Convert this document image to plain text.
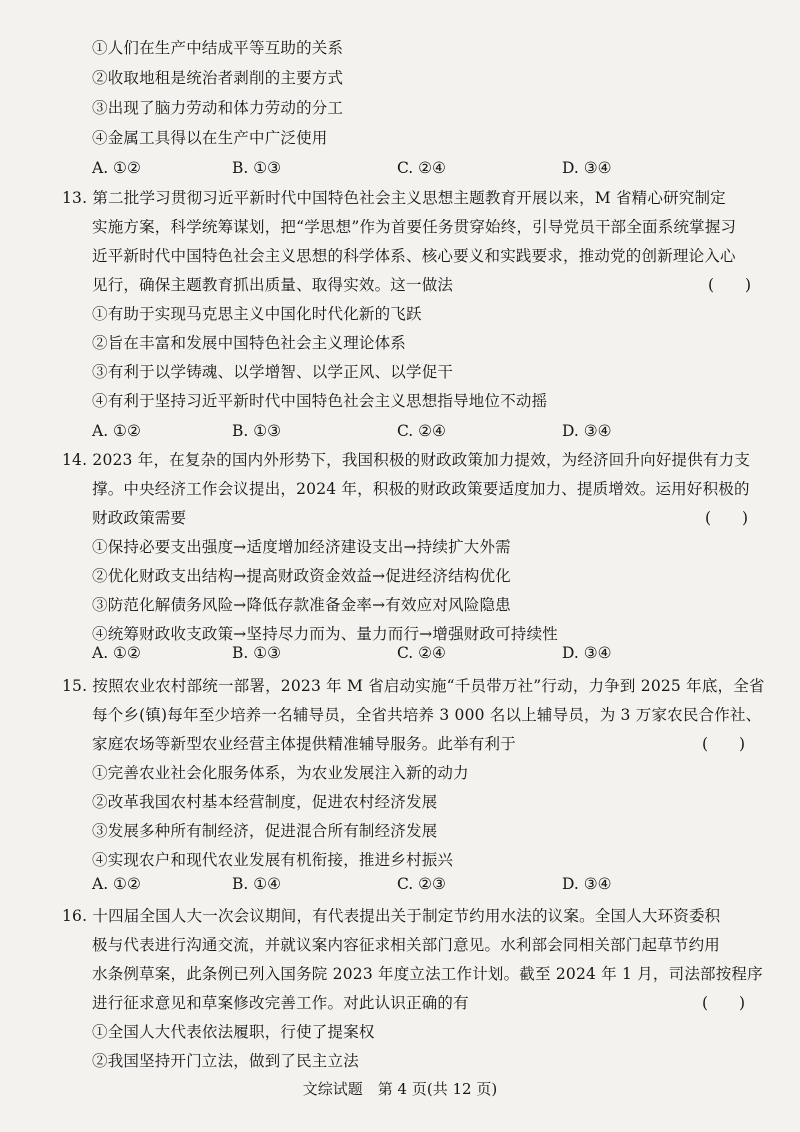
①人们在生产中结成平等互助的关系
②收取地租是统治者剥削的主要方式
③出现了脑力劳动和体力劳动的分工
④金属工具得以在生产中广泛使用
A. ①②	B. ①③	C. ②④	D. ③④
13. 第二批学习贯彻习近平新时代中国特色社会主义思想主题教育开展以来，M 省精心研究制定
实施方案，科学统筹谋划，把“学思想”作为首要任务贯穿始终，引导党员干部全面系统掌握习
近平新时代中国特色社会主义思想的科学体系、核心要义和实践要求，推动党的创新理论入心
见行，确保主题教育抓出质量、取得实效。这一做法	(　　)
①有助于实现马克思主义中国化时代化新的飞跃
②旨在丰富和发展中国特色社会主义理论体系
③有利于以学铸魂、以学增智、以学正风、以学促干
④有利于坚持习近平新时代中国特色社会主义思想指导地位不动摇
A. ①②	B. ①③	C. ②④	D. ③④
14. 2023 年，在复杂的国内外形势下，我国积极的财政政策加力提效，为经济回升向好提供有力支
撑。中央经济工作会议提出，2024 年，积极的财政政策要适度加力、提质增效。运用好积极的
财政政策需要	(　　)
①保持必要支出强度→适度增加经济建设支出→持续扩大外需
②优化财政支出结构→提高财政资金效益→促进经济结构优化
③防范化解债务风险→降低存款准备金率→有效应对风险隐患
④统筹财政收支政策→坚持尽力而为、量力而行→增强财政可持续性
A. ①②	B. ①③	C. ②④	D. ③④
15. 按照农业农村部统一部署，2023 年 M 省启动实施“千员带万社”行动，力争到 2025 年底，全省
每个乡(镇)每年至少培养一名辅导员，全省共培养 3 000 名以上辅导员，为 3 万家农民合作社、
家庭农场等新型农业经营主体提供精准辅导服务。此举有利于	(　　)
①完善农业社会化服务体系，为农业发展注入新的动力
②改革我国农村基本经营制度，促进农村经济发展
③发展多种所有制经济，促进混合所有制经济发展
④实现农户和现代农业发展有机衔接，推进乡村振兴
A. ①②	B. ①④	C. ②③	D. ③④
16. 十四届全国人大一次会议期间，有代表提出关于制定节约用水法的议案。全国人大环资委积
极与代表进行沟通交流，并就议案内容征求相关部门意见。水利部会同相关部门起草节约用
水条例草案，此条例已列入国务院 2023 年度立法工作计划。截至 2024 年 1 月，司法部按程序
进行征求意见和草案修改完善工作。对此认识正确的有	(　　)
①全国人大代表依法履职，行使了提案权
②我国坚持开门立法，做到了民主立法
文综试题　第 4 页(共 12 页)
